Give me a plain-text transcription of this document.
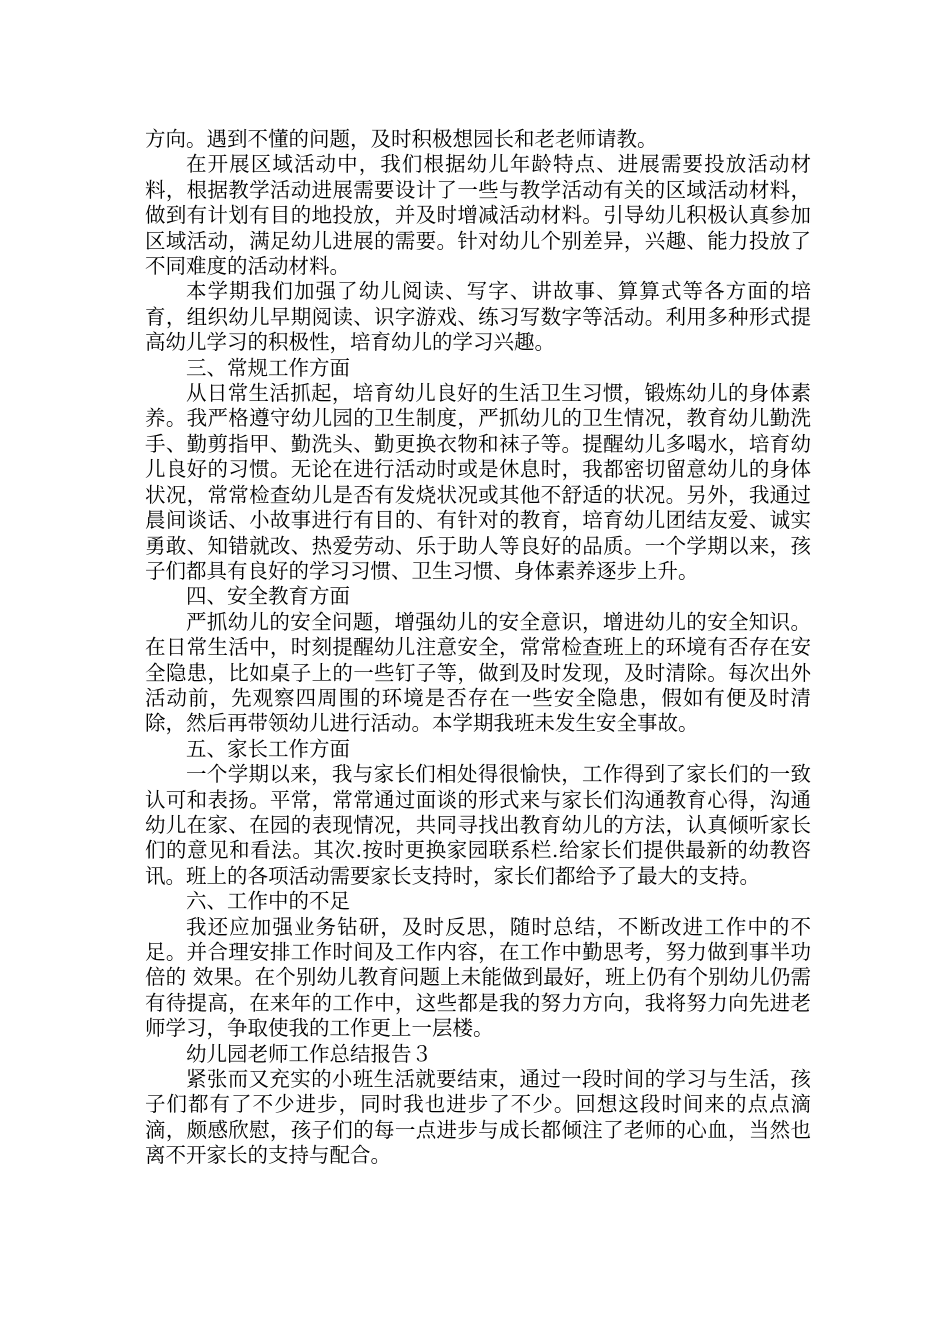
方向。遇到不懂的问题，及时积极想园长和老老师请教。

在开展区域活动中，我们根据幼儿年龄特点、进展需要投放活动材料，根据教学活动进展需要设计了一些与教学活动有关的区域活动材料，做到有计划有目的地投放，并及时增减活动材料。引导幼儿积极认真参加区域活动，满足幼儿进展的需要。针对幼儿个别差异，兴趣、能力投放了不同难度的活动材料。

本学期我们加强了幼儿阅读、写字、讲故事、算算式等各方面的培育，组织幼儿早期阅读、识字游戏、练习写数字等活动。利用多种形式提高幼儿学习的积极性，培育幼儿的学习兴趣。

三、常规工作方面

从日常生活抓起，培育幼儿良好的生活卫生习惯，锻炼幼儿的身体素养。我严格遵守幼儿园的卫生制度，严抓幼儿的卫生情况，教育幼儿勤洗手、勤剪指甲、勤洗头、勤更换衣物和袜子等。提醒幼儿多喝水，培育幼儿良好的习惯。无论在进行活动时或是休息时，我都密切留意幼儿的身体状况，常常检查幼儿是否有发烧状况或其他不舒适的状况。另外，我通过晨间谈话、小故事进行有目的、有针对的教育，培育幼儿团结友爱、诚实勇敢、知错就改、热爱劳动、乐于助人等良好的品质。一个学期以来，孩子们都具有良好的学习习惯、卫生习惯、身体素养逐步上升。

四、安全教育方面

严抓幼儿的安全问题，增强幼儿的安全意识，增进幼儿的安全知识。在日常生活中，时刻提醒幼儿注意安全，常常检查班上的环境有否存在安全隐患，比如桌子上的一些钉子等，做到及时发现，及时清除。每次出外活动前，先观察四周围的环境是否存在一些安全隐患，假如有便及时清除，然后再带领幼儿进行活动。本学期我班未发生安全事故。

五、家长工作方面

一个学期以来，我与家长们相处得很愉快，工作得到了家长们的一致认可和表扬。平常，常常通过面谈的形式来与家长们沟通教育心得，沟通幼儿在家、在园的表现情况，共同寻找出教育幼儿的方法，认真倾听家长们的意见和看法。其次.按时更换家园联系栏.给家长们提供最新的幼教咨讯。班上的各项活动需要家长支持时，家长们都给予了最大的支持。

六、工作中的不足

我还应加强业务钻研，及时反思，随时总结，不断改进工作中的不足。并合理安排工作时间及工作内容，在工作中勤思考，努力做到事半功倍的 效果。在个别幼儿教育问题上未能做到最好，班上仍有个别幼儿仍需有待提高，在来年的工作中，这些都是我的努力方向，我将努力向先进老师学习，争取使我的工作更上一层楼。

幼儿园老师工作总结报告３

紧张而又充实的小班生活就要结束，通过一段时间的学习与生活，孩子们都有了不少进步，同时我也进步了不少。回想这段时间来的点点滴滴，颇感欣慰，孩子们的每一点进步与成长都倾注了老师的心血，当然也离不开家长的支持与配合。
